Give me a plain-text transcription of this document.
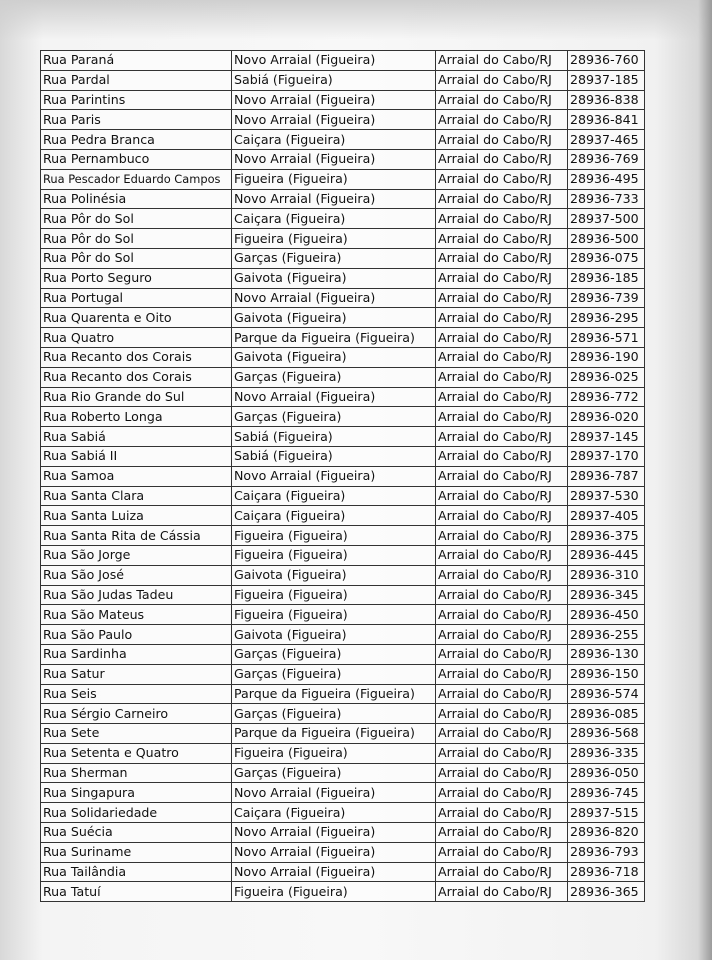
Rua Paraná	Novo Arraial (Figueira)	Arraial do Cabo/RJ	28936-760
Rua Pardal	Sabiá (Figueira)	Arraial do Cabo/RJ	28937-185
Rua Parintins	Novo Arraial (Figueira)	Arraial do Cabo/RJ	28936-838
Rua Paris	Novo Arraial (Figueira)	Arraial do Cabo/RJ	28936-841
Rua Pedra Branca	Caiçara (Figueira)	Arraial do Cabo/RJ	28937-465
Rua Pernambuco	Novo Arraial (Figueira)	Arraial do Cabo/RJ	28936-769
Rua Pescador Eduardo Campos	Figueira (Figueira)	Arraial do Cabo/RJ	28936-495
Rua Polinésia	Novo Arraial (Figueira)	Arraial do Cabo/RJ	28936-733
Rua Pôr do Sol	Caiçara (Figueira)	Arraial do Cabo/RJ	28937-500
Rua Pôr do Sol	Figueira (Figueira)	Arraial do Cabo/RJ	28936-500
Rua Pôr do Sol	Garças (Figueira)	Arraial do Cabo/RJ	28936-075
Rua Porto Seguro	Gaivota (Figueira)	Arraial do Cabo/RJ	28936-185
Rua Portugal	Novo Arraial (Figueira)	Arraial do Cabo/RJ	28936-739
Rua Quarenta e Oito	Gaivota (Figueira)	Arraial do Cabo/RJ	28936-295
Rua Quatro	Parque da Figueira (Figueira)	Arraial do Cabo/RJ	28936-571
Rua Recanto dos Corais	Gaivota (Figueira)	Arraial do Cabo/RJ	28936-190
Rua Recanto dos Corais	Garças (Figueira)	Arraial do Cabo/RJ	28936-025
Rua Rio Grande do Sul	Novo Arraial (Figueira)	Arraial do Cabo/RJ	28936-772
Rua Roberto Longa	Garças (Figueira)	Arraial do Cabo/RJ	28936-020
Rua Sabiá	Sabiá (Figueira)	Arraial do Cabo/RJ	28937-145
Rua Sabiá II	Sabiá (Figueira)	Arraial do Cabo/RJ	28937-170
Rua Samoa	Novo Arraial (Figueira)	Arraial do Cabo/RJ	28936-787
Rua Santa Clara	Caiçara (Figueira)	Arraial do Cabo/RJ	28937-530
Rua Santa Luiza	Caiçara (Figueira)	Arraial do Cabo/RJ	28937-405
Rua Santa Rita de Cássia	Figueira (Figueira)	Arraial do Cabo/RJ	28936-375
Rua São Jorge	Figueira (Figueira)	Arraial do Cabo/RJ	28936-445
Rua São José	Gaivota (Figueira)	Arraial do Cabo/RJ	28936-310
Rua São Judas Tadeu	Figueira (Figueira)	Arraial do Cabo/RJ	28936-345
Rua São Mateus	Figueira (Figueira)	Arraial do Cabo/RJ	28936-450
Rua São Paulo	Gaivota (Figueira)	Arraial do Cabo/RJ	28936-255
Rua Sardinha	Garças (Figueira)	Arraial do Cabo/RJ	28936-130
Rua Satur	Garças (Figueira)	Arraial do Cabo/RJ	28936-150
Rua Seis	Parque da Figueira (Figueira)	Arraial do Cabo/RJ	28936-574
Rua Sérgio Carneiro	Garças (Figueira)	Arraial do Cabo/RJ	28936-085
Rua Sete	Parque da Figueira (Figueira)	Arraial do Cabo/RJ	28936-568
Rua Setenta e Quatro	Figueira (Figueira)	Arraial do Cabo/RJ	28936-335
Rua Sherman	Garças (Figueira)	Arraial do Cabo/RJ	28936-050
Rua Singapura	Novo Arraial (Figueira)	Arraial do Cabo/RJ	28936-745
Rua Solidariedade	Caiçara (Figueira)	Arraial do Cabo/RJ	28937-515
Rua Suécia	Novo Arraial (Figueira)	Arraial do Cabo/RJ	28936-820
Rua Suriname	Novo Arraial (Figueira)	Arraial do Cabo/RJ	28936-793
Rua Tailândia	Novo Arraial (Figueira)	Arraial do Cabo/RJ	28936-718
Rua Tatuí	Figueira (Figueira)	Arraial do Cabo/RJ	28936-365
